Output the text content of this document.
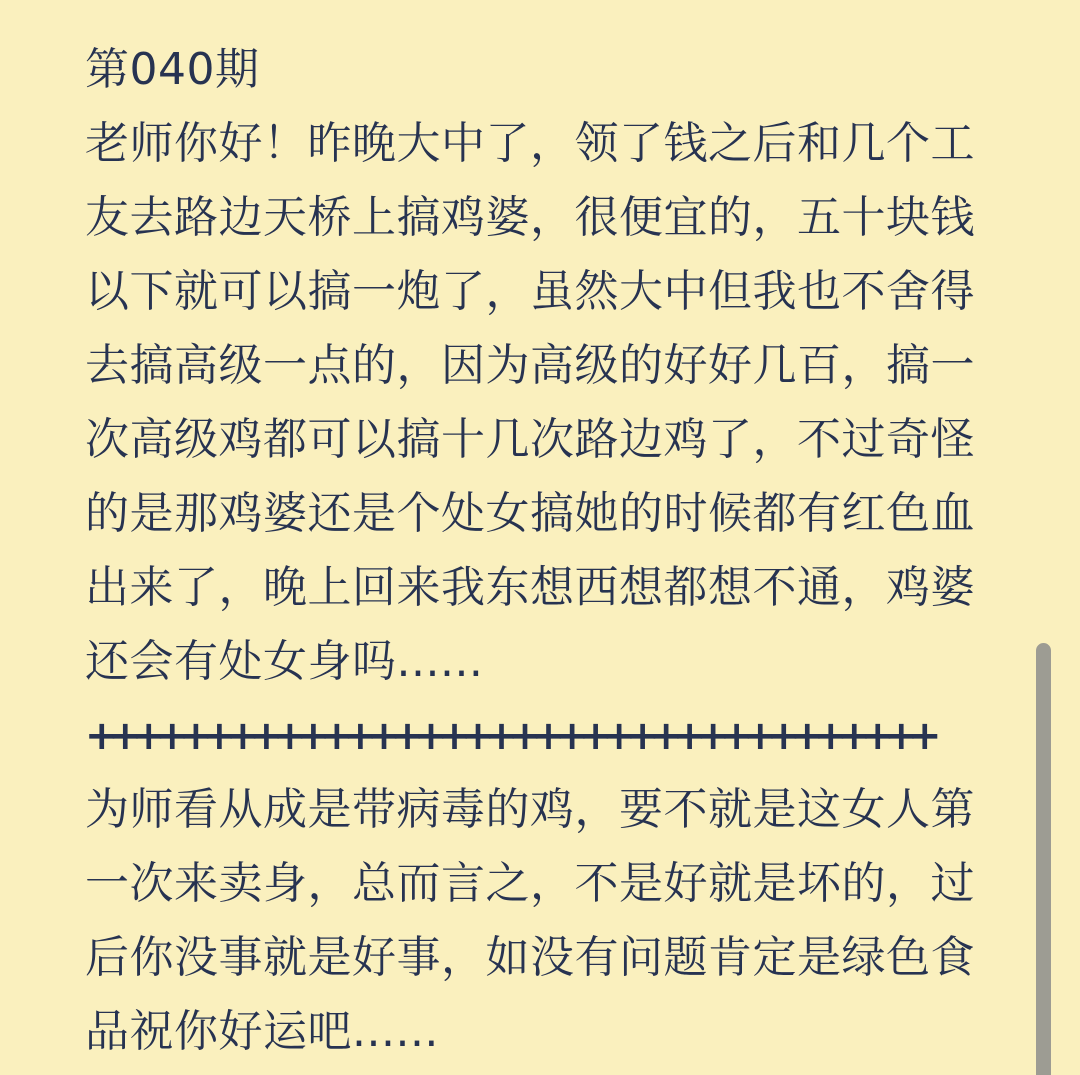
第040期
老师你好！昨晚大中了，领了钱之后和几个工
友去路边天桥上搞鸡婆，很便宜的，五十块钱
以下就可以搞一炮了，虽然大中但我也不舍得
去搞高级一点的，因为高级的好好几百，搞一
次高级鸡都可以搞十几次路边鸡了，不过奇怪
的是那鸡婆还是个处女搞她的时候都有红色血
出来了，晚上回来我东想西想都想不通，鸡婆
还会有处女身吗......
++++++++++++++++++++++++++++++++++++
为师看从成是带病毒的鸡，要不就是这女人第
一次来卖身，总而言之，不是好就是坏的，过
后你没事就是好事，如没有问题肯定是绿色食
品祝你好运吧......
